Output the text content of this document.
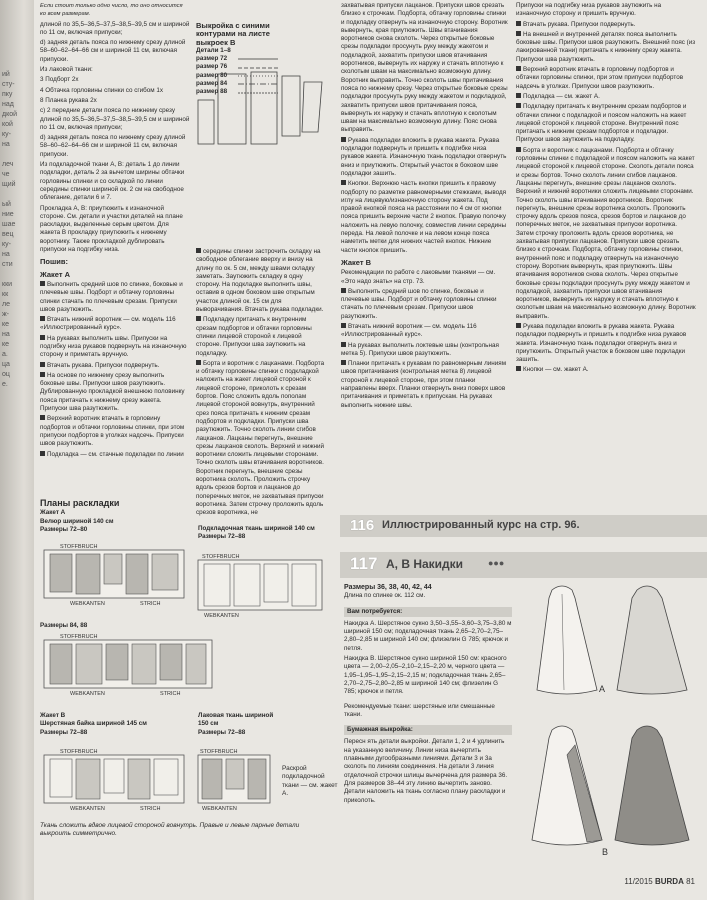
ий
сту-
пку
над
дкой
кой
ку-
на

леч
че
щий

ый
ние
шае
вец
ку-
на
сти

кки
кк
ле
ж-
ке
на
ке
а.
ца
оц
е.

Если стоит только одно число, то оно относится ко всем размерам.

длиной по 35,5–36,5–37,5–38,5–39,5 см и шириной по 11 см, включая припуски;

d) задняя деталь пояса по нижнему срезу длиной 58–60–62–64–66 см и шириной 11 см, включая припуски.

Из лаковой ткани:

3 Подборт 2x

4 Обтачка горловины спинки со сгибом 1x

8 Планка рукава 2x

c) 2 передние детали пояса по нижнему срезу длиной по 35,5–36,5–37,5–38,5–39,5 см и шириной по 11 см, включая припуски;

d) задняя деталь пояса по нижнему срезу длиной 58–60–62–64–66 см и шириной 11 см, включая припуски.

Из подкладочной ткани А, В: деталь 1 до линии подкладки, деталь 2 за вычетом ширины обтачки горловины спинки и со складкой по линии середины спинки шириной ок. 2 см на свободное облегание, детали 6 и 7.

Прокладка А, В: приутюжить к изнаночной стороне. См. детали и участки деталей на плане раскладки, выделенные серым цветом. Для жакета В прокладку приутюжить к нижнему воротнику. Также прокладкой дублировать припуски на подгибку низа.

Пошив:

Жакет А

Выполнить средний шов по спинке, боковые и плечевые швы. Подборт и обтачку горловины спинки стачать по плечевым срезам. Припуски швов разутюжить.

Втачать нижний воротник — см. модель 116 «Иллюстрированный курс».

На рукавах выполнить швы. Припуски на подгибку низа рукавов подвернуть на изнаночную сторону и приметать вручную.

Втачать рукава. Припуски подвернуть.

На основе по нижнему срезу выполнить боковые швы. Припуски швов разутюжить. Дублированную прокладкой внешнюю половинку пояса притачать к нижнему срезу жакета. Припуски шва разутюжить.

Верхний воротник втачать в горловину подбортов и обтачки горловины спинки, при этом припуски подбортов в уголках надсечь. Припуски швов разутюжить.

Подкладка — см. стачные подкладки по линии

Выкройка с синими контурами на листе выкроек В
Детали 1–8
размер 72
размер 76
размер 80
размер 84
размер 88

середины спинки застрочить складку на свободное облегание вверху и внизу на длину по ок. 5 см, между швами складку заметать. Заутюжить складку в одну сторону. На подкладке выполнить швы, оставив в одном боковом шве открытым участок длиной ок. 15 см для выворачивания. Втачать рукава подкладки.

Подкладку притачать к внутренним срезам подбортов и обтачки горловины спинки лицевой стороной к лицевой стороне. Припуски шва заутюжить на подкладку.

Борта и воротник с лацканами. Подборта и обтачку горловины спинки с подкладкой наложить на жакет лицевой стороной к лицевой стороне, приколоть к срезам бортов. Пояс сложить вдоль пополам лицевой стороной вовнутрь, внутренний срез пояса притачать к нижним срезам подбортов и подкладки. Припуски шва разутюжить. Точно сколоть линии сгибов лацканов. Лацканы перегнуть, внешние срезы лацканов сколоть. Верхний и нижний воротники сложить лицевыми сторонами. Точно сколоть швы втачивания воротников. Воротник перегнуть, внешние срезы воротника сколоть. Проложить строчку вдоль срезов бортов и лацканов до поперечных меток, не захватывая припуски воротника. Затем строчку проложить вдоль срезов воротника, не

захватывая припуски лацканов. Припуски швов срезать близко к строчкам. Подборта, обтачку горловины спинки и подкладку отвернуть на изнаночную сторону. Воротник вывернуть, края приутюжить. Швы втачивания воротников снова сколоть. Через открытые боковые срезы подкладки просунуть руку между жакетом и подкладкой, захватить припуски швов втачивания воротников, вывернуть их наружу и стачать вплотную к сколотым швам на максимально возможную длину. Воротник выправить. Точно сколоть швы притачивания пояса по нижнему срезу. Через открытые боковые срезы подкладки просунуть руку между жакетом и подкладкой, захватить припуски швов притачивания пояса, вывернуть их наружу и стачать вплотную к сколотым швам на максимально возможную длину. Пояс снова выправить.

Рукава подкладки вложить в рукава жакета. Рукава подкладки подвернуть и пришить к подгибке низа рукавов жакета. Изнаночную ткань подкладки отвернуть вниз и приутюжить. Открытый участок в боковом шве подкладки зашить.

Кнопки. Верхнюю часть кнопки пришить к правому подборту по разметке равномерными стежками, выводя иглу на лицевую/изнаночную сторону жакета. Под правой кнопкой пояса на расстоянии по 4 см от кнопки пояса пришить верхние части 2 кнопок. Правую полочку наложить на левую полочку, совместив линии середины переда. На левой полочке и на левом конце пояса наметить метки для нижних частей кнопок. Нижние части кнопок пришить.

Жакет В

Рекомендации по работе с лаковыми тканями — см. «Это надо знать» на стр. 73.

Выполнить средний шов по спинке, боковые и плечевые швы. Подборт и обтачку горловины спинки стачать по плечевым срезам. Припуски швов разутюжить.

Втачать нижний воротник — см. модель 116 «Иллюстрированный курс».

На рукавах выполнить локтевые швы (контрольная метка 5). Припуски швов разутюжить.

Планки притачать к рукавам по равномерным линиям швов притачивания (контрольная метка 8) лицевой стороной к лицевой стороне, при этом планки направлены вверх. Планки отвернуть вниз поверх швов притачивания и приметать к припускам. На рукавах выполнить нижние швы.

Припуски на подгибку низа рукавов заутюжить на изнаночную сторону и пришить вручную.

Втачать рукава. Припуски подвернуть.

На внешней и внутренней деталях пояса выполнить боковые швы. Припуски швов разутюжить. Внешний пояс (из лакированной ткани) притачать к нижнему срезу жакета. Припуски шва разутюжить.

Верхний воротник втачать в горловину подбортов и обтачки горловины спинки, при этом припуски подбортов надсечь в уголках. Припуски швов разутюжить.

Подкладка — см. жакет А.

Подкладку притачать к внутренним срезам подбортов и обтачки спинки с подкладкой и поясом наложить на жакет лицевой стороной к лицевой стороне. Внутренний пояс притачать к нижним срезам подбортов и подкладки. Припуски швов заутюжить на подкладку.

Борта и воротник с лацканами. Подборта и обтачку горловины спинки с подкладкой и поясом наложить на жакет лицевой стороной к лицевой стороне. Сколоть детали пояса и срезы бортов. Точно сколоть линии сгибов лацканов. Лацканы перегнуть, внешние срезы лацканов сколоть. Верхний и нижний воротники сложить лицевыми сторонами. Точно сколоть швы втачивания воротников. Воротник перегнуть, внешние срезы воротника сколоть. Проложить строчку вдоль срезов пояса, срезов бортов и лацканов до поперечных меток, не захватывая припуски воротника. Затем строчку проложить вдоль срезов воротника, не захватывая припуски лацканов. Припуски швов срезать близко к строчкам. Подборта, обтачку горловины спинки, внутренний пояс и подкладку отвернуть на изнаночную сторону. Воротник вывернуть, края приутюжить. Швы втачивания воротников снова сколоть. Через открытые боковые срезы подкладки просунуть руку между жакетом и подкладкой, захватить припуски швов втачивания воротников, вывернуть их наружу и стачать вплотную к сколотым швам на максимально возможную длину. Воротник выправить.

Рукава подкладки вложить в рукава жакета. Рукава подкладки подвернуть и пришить к подгибке низа рукавов жакета. Изнаночную ткань подкладки отвернуть вниз и приутюжить. Открытый участок в боковом шве подкладки зашить.

Кнопки — см. жакет А.

Планы раскладки
Жакет А
Велюр шириной 140 см
Размеры 72–80
STOFFBRUCH
WEBKANTEN	STRICH
Размеры 84, 88
STOFFBRUCH
WEBKANTEN	STRICH
Подкладочная ткань шириной 140 см
Размеры 72–88
STOFFBRUCH
WEBKANTEN
Жакет В
Шерстяная байка шириной 145 см
Размеры 72–88
STOFFBRUCH
WEBKANTEN	STRICH
Лаковая ткань шириной 150 см
Размеры 72–88
STOFFBRUCH
WEBKANTEN
Раскрой подкладочной ткани — см. жакет А.
Ткань сложить вдвое лицевой стороной вовнутрь. Правые и левые парные детали выкроить симметрично.
116 Иллюстрированный курс на стр. 96.
117 А, В Накидки	●●●
Размеры 36, 38, 40, 42, 44
Длина по спинке ок. 112 см.
Вам потребуется:

Накидка А. Шерстяное сукно 3,50–3,55–3,60–3,75–3,80 м шириной 150 см; подкладочная ткань 2,65–2,70–2,75–2,80–2,85 м шириной 140 см; флизелин G 785; крючок и петля.

Накидка В. Шерстяное сукно шириной 150 см: красного цвета — 2,00–2,05–2,10–2,15–2,20 м, черного цвета — 1,95–1,95–1,95–2,15–2,15 м; подкладочная ткань 2,65–2,70–2,75–2,80–2,85 м шириной 140 см; флизелин G 785; крючок и петля.

Рекомендуемые ткани: шерстяные или смешанные ткани.

Бумажная выкройка:

Пересн ять детали выкройки. Детали 1, 2 и 4 удлинить на указанную величину. Линии низа вычертить плавными дугообразными линиями. Детали 3 и 3а сколоть по линиям соединения. На детали 3 линия отделочной строчки шлицы вычерчена для размера 36. Для размеров 38–44 эту линию вычертить заново. Детали наложить на ткань согласно плану раскладки и приколоть.

A
B
11/2015 BURDA 81
